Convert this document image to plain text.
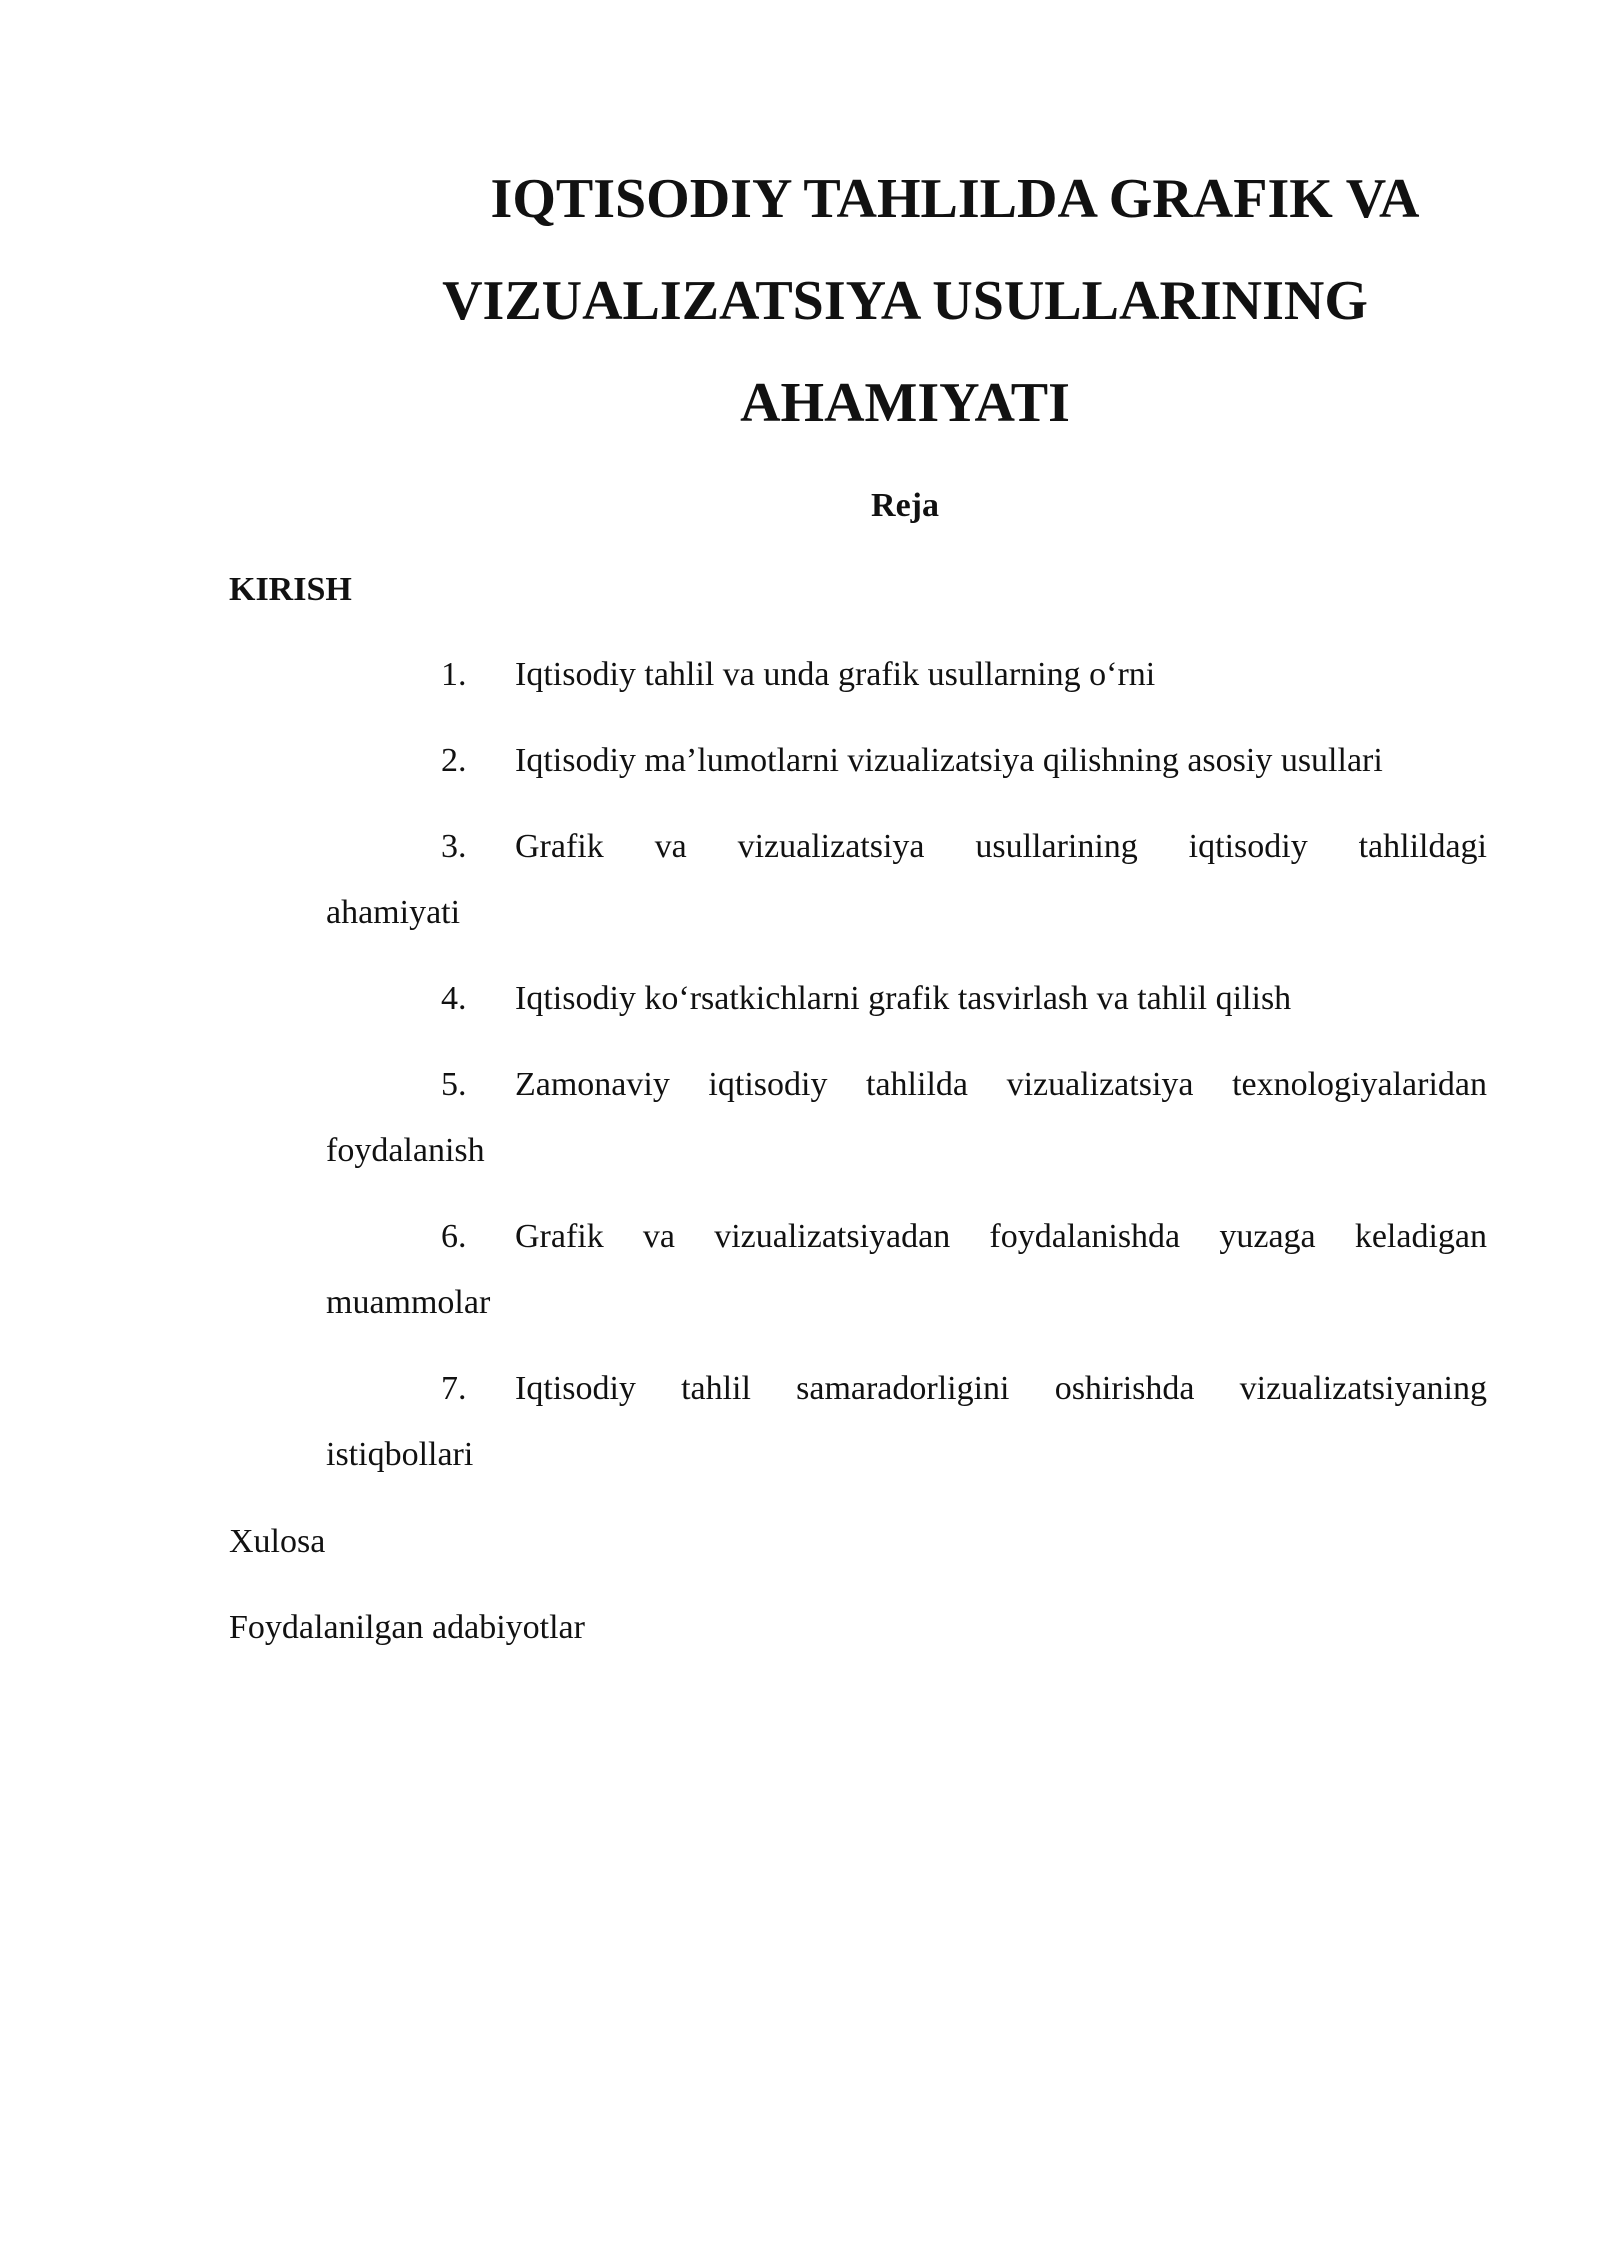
IQTISODIY TAHLILDA GRAFIK VA VIZUALIZATSIYA USULLARINING AHAMIYATI
Reja
KIRISH
1. Iqtisodiy tahlil va unda grafik usullarning o‘rni
2. Iqtisodiy ma’lumotlarni vizualizatsiya qilishning asosiy usullari
3. Grafik va vizualizatsiya usullarining iqtisodiy tahlildagi
ahamiyati
4. Iqtisodiy ko‘rsatkichlarni grafik tasvirlash va tahlil qilish
5. Zamonaviy iqtisodiy tahlilda vizualizatsiya texnologiyalaridan
foydalanish
6. Grafik va vizualizatsiyadan foydalanishda yuzaga keladigan
muammolar
7. Iqtisodiy tahlil samaradorligini oshirishda vizualizatsiyaning
istiqbollari
Xulosa
Foydalanilgan adabiyotlar
